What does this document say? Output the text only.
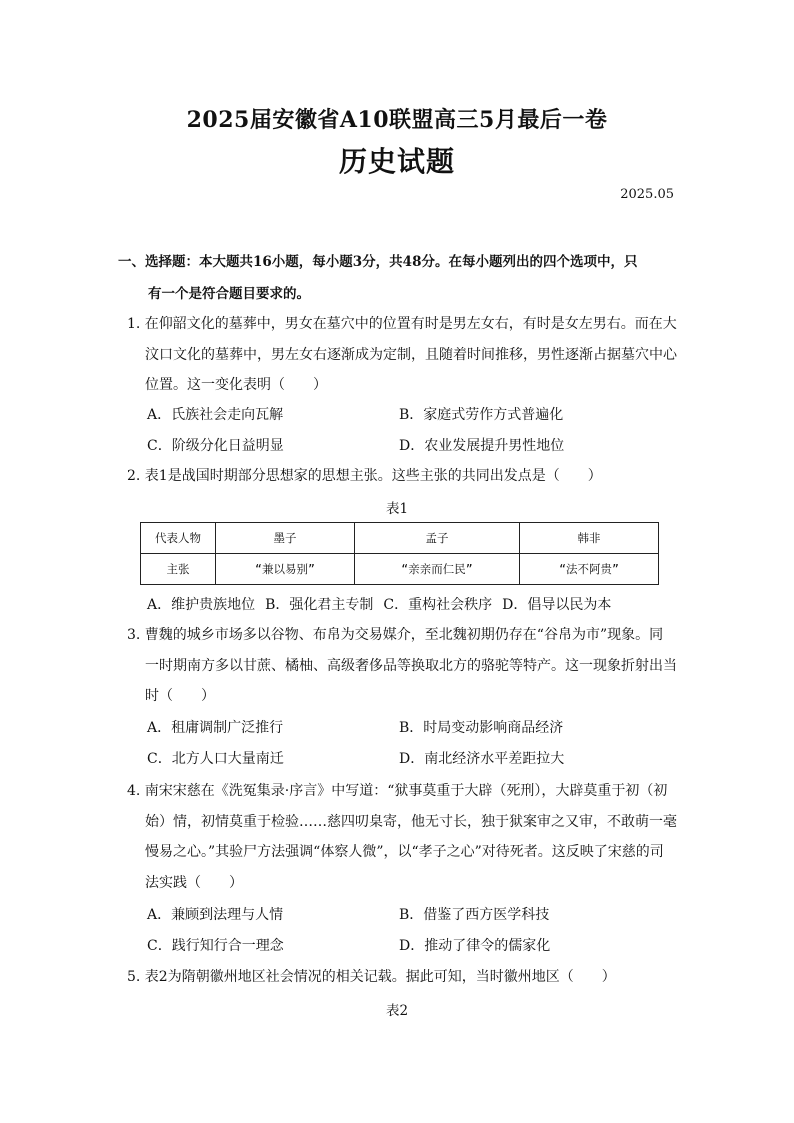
2025届安徽省A10联盟高三5月最后一卷
历史试题
2025.05
一、选择题：本大题共16小题，每小题3分，共48分。在每小题列出的四个选项中，只
有一个是符合题目要求的。
1. 在仰韶文化的墓葬中，男女在墓穴中的位置有时是男左女右，有时是女左男右。而在大汶口文化的墓葬中，男左女右逐渐成为定制，且随着时间推移，男性逐渐占据墓穴中心位置。这一变化表明（　　）
A．氏族社会走向瓦解	B．家庭式劳作方式普遍化
C．阶级分化日益明显	D．农业发展提升男性地位
2. 表1是战国时期部分思想家的思想主张。这些主张的共同出发点是（　　）
表1
代表人物	墨子	孟子	韩非
主张	“兼以易别”	“亲亲而仁民”	“法不阿贵”
A．维护贵族地位 B．强化君主专制 C．重构社会秩序 D．倡导以民为本
3. 曹魏的城乡市场多以谷物、布帛为交易媒介，至北魏初期仍存在“谷帛为市”现象。同一时期南方多以甘蔗、橘柚、高级奢侈品等换取北方的骆驼等特产。这一现象折射出当时（　　）
A．租庸调制广泛推行	B．时局变动影响商品经济
C．北方人口大量南迁	D．南北经济水平差距拉大
4. 南宋宋慈在《洗冤集录·序言》中写道：“狱事莫重于大辟（死刑），大辟莫重于初（初始）情，初情莫重于检验……慈四叨臬寄，他无寸长，独于狱案审之又审，不敢萌一毫慢易之心。”其验尸方法强调“体察人微”，以“孝子之心”对待死者。这反映了宋慈的司法实践（　　）
A．兼顾到法理与人情	B．借鉴了西方医学科技
C．践行知行合一理念	D．推动了律令的儒家化
5. 表2为隋朝徽州地区社会情况的相关记载。据此可知，当时徽州地区（　　）
表2
